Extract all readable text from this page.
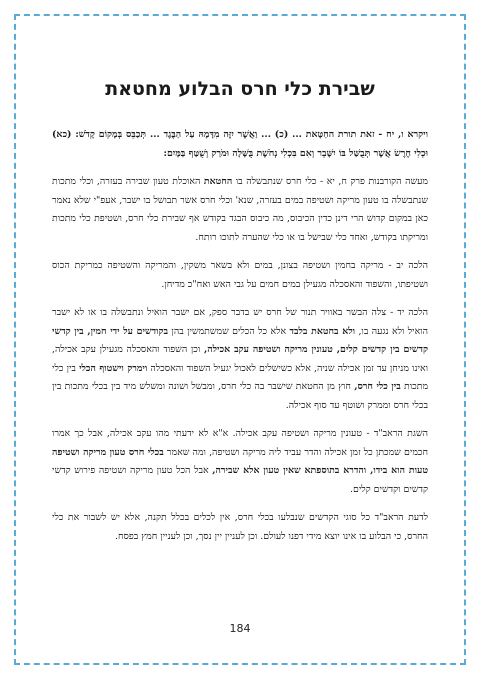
שבירת כלי חרס הבלוע מחטאת

ויקרא ו, יח - זאת תורת החַטָּאת ... (כ) ... וַאֲשֶׁר יִזֶּה מִדָּמָהּ עַל הַבֶּגֶד ... תְּכַבֵּס בְּמָקוֹם קָדֹשׁ: (כא) וּכְלִי חֶרֶשׂ אֲשֶׁר תְּבֻשַּׁל בּוֹ יִשָּׁבֵר וְאִם בִּכְלִי נְחֹשֶׁת בֻּשָּׁלָה וּמֹרַק וְשֻׁטַּף בַּמָּיִם:

מעשה הקורבנות פרק ח, יא - כלי חרס שנתבשלה בו החטאת האוכלת טעון שבירה בעזרה, וכלי מתכות שנתבשלה בו טעון מריקה ושטיפה במים בעזרה, שנא' וכלי חרס אשר תבושל בו ישבר, אעפ"י שלא נאמר כאן במקום קדוש הרי דינן כדין הכיבוס, מה כיבוס הבגד בקודש אף שבירת כלי חרס, ושטיפת כלי מתכות ומריקתו בקודש, ואחד כלי שבישל בו או כלי שהערה לתוכו רותח.

הלכה יב - מריקה בחמין ושטיפה בצונן, במים ולא בשאר משקין, והמריקה והשטיפה כמריקת הכוס ושטיפתו, והשפוד והאסכלה מגעילן במים חמים על גבי האש ואח"כ מדיחן.

הלכה יד - צלה הבשר באוויר תנור של חרס יש בדבר ספק, אם ישבר הואיל ונתבשלה בו או לא ישבר הואיל ולא נגעה בו, ולא בחטאת בלבד אלא כל הכלים שמשתמשין בהן בקודשים על ידי חמין, בין קדשי קדשים בין קדשים קלים, טעונין מריקה ושטיפה עקב אכילה, וכן השפוד והאסכלה מגעילן עקב אכילה, ואינו מניחן עד זמן אכילה שניה, אלא כשישלים לאכול יגעיל השפוד והאסכלה וימרק וישטוף הכלי בין כלי מתכות בין כלי חרס, חוץ מן החטאת שישבר בה כלי חרס, ומבשל ושונה ומשלש מיד בין בכלי מתכות בין בכלי חרס וממרק ושוטף עד סוף אכילה.

השגת הראב"ד - טעונין מריקה ושטיפה עקב אכילה. א"א לא ידעתי מהו עקב אכילה, אבל כך אמרו חכמים שמכתן כל זמן אכילה והדר עביד ליה מריקה ושטיפה, ומה שאמר בכלי חרס טעון מריקה ושטיפה טעות הוא בידו, והדרא בתוספתא שאין טעון אלא שבירה, אבל הכל טעון מריקה ושטיפה פירוש קדשי קדשים וקדשים קלים.

לדעת הראב"ד כל סוגי הקדשים שנבלעו בכלי חרס, אין לכלים בכלל תקנה, אלא יש לשבור את כלי החרס, כי הבלוע בו אינו יוצא מידי דפנו לעולם. וכן לעניין יין נסך, וכן לעניין חמץ בפסח.

184
